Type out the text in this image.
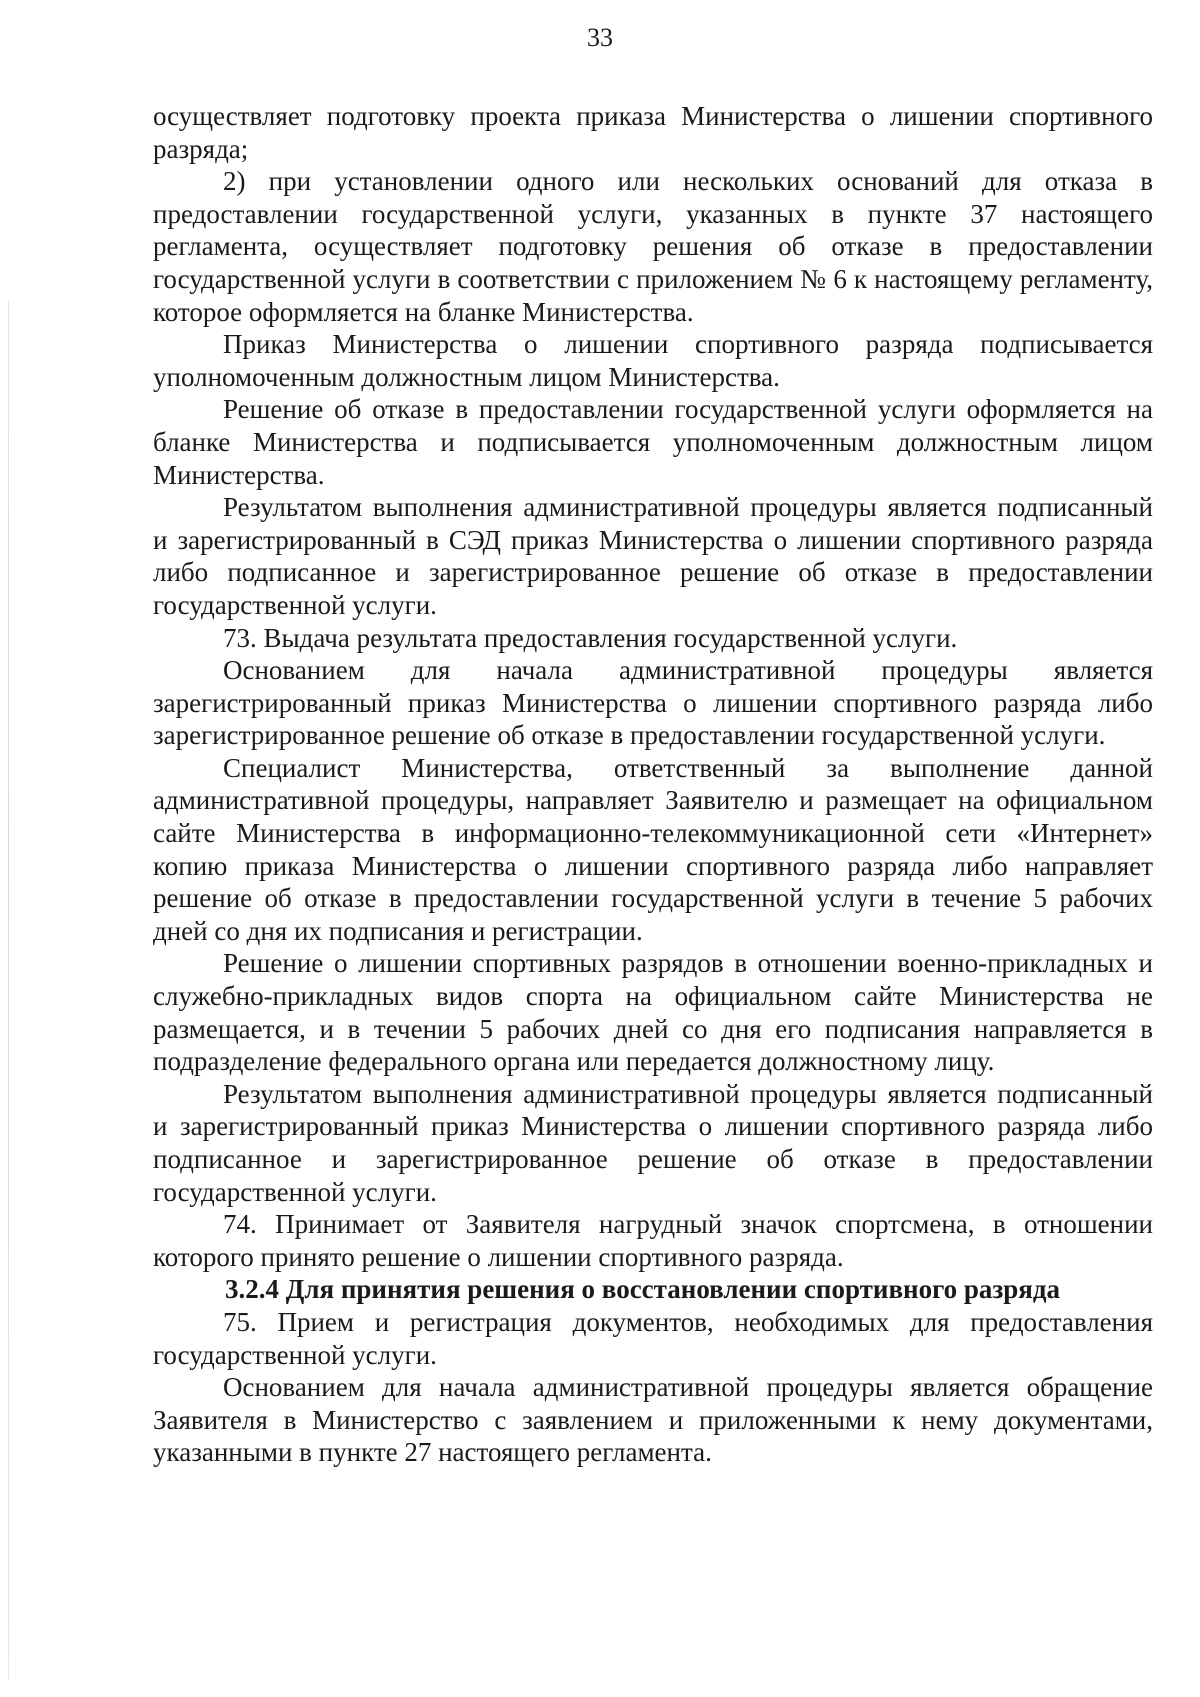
33

осуществляет подготовку проекта приказа Министерства о лишении спортивного разряда;

2) при установлении одного или нескольких оснований для отказа в предоставлении государственной услуги, указанных в пункте 37 настоящего регламента, осуществляет подготовку решения об отказе в предоставлении государственной услуги в соответствии с приложением № 6 к настоящему регламенту, которое оформляется на бланке Министерства.

Приказ Министерства о лишении спортивного разряда подписывается уполномоченным должностным лицом Министерства.

Решение об отказе в предоставлении государственной услуги оформляется на бланке Министерства и подписывается уполномоченным должностным лицом Министерства.

Результатом выполнения административной процедуры является подписанный и зарегистрированный в СЭД приказ Министерства о лишении спортивного разряда либо подписанное и зарегистрированное решение об отказе в предоставлении государственной услуги.

73. Выдача результата предоставления государственной услуги.

Основанием для начала административной процедуры является зарегистрированный приказ Министерства о лишении спортивного разряда либо зарегистрированное решение об отказе в предоставлении государственной услуги.

Специалист Министерства, ответственный за выполнение данной административной процедуры, направляет Заявителю и размещает на официальном сайте Министерства в информационно-телекоммуникационной сети «Интернет» копию приказа Министерства о лишении спортивного разряда либо направляет решение об отказе в предоставлении государственной услуги в течение 5 рабочих дней со дня их подписания и регистрации.

Решение о лишении спортивных разрядов в отношении военно-прикладных и служебно-прикладных видов спорта на официальном сайте Министерства не размещается, и в течении 5 рабочих дней со дня его подписания направляется в подразделение федерального органа или передается должностному лицу.

Результатом выполнения административной процедуры является подписанный и зарегистрированный приказ Министерства о лишении спортивного разряда либо подписанное и зарегистрированное решение об отказе в предоставлении государственной услуги.

74. Принимает от Заявителя нагрудный значок спортсмена, в отношении которого принято решение о лишении спортивного разряда.

3.2.4 Для принятия решения о восстановлении спортивного разряда

75. Прием и регистрация документов, необходимых для предоставления государственной услуги.

Основанием для начала административной процедуры является обращение Заявителя в Министерство с заявлением и приложенными к нему документами, указанными в пункте 27 настоящего регламента.
